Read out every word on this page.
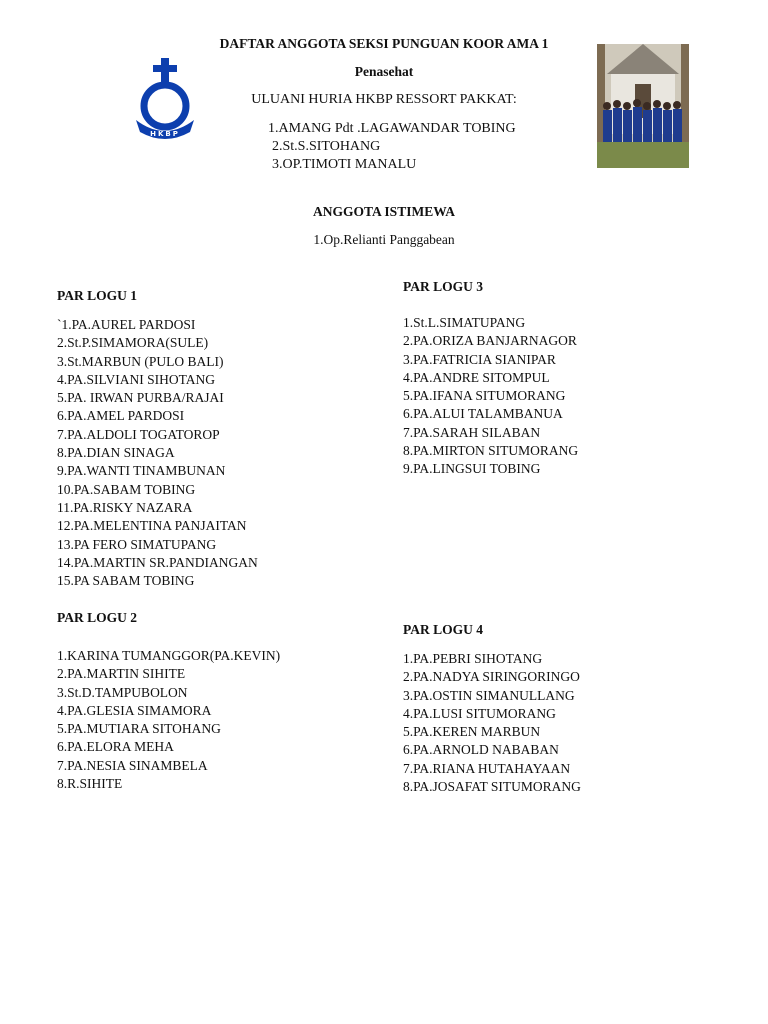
HKBP
DAFTAR ANGGOTA SEKSI PUNGUAN KOOR AMA 1
Penasehat
ULUANI HURIA HKBP RESSORT PAKKAT:
1.AMANG Pdt .LAGAWANDAR TOBING
2.St.S.SITOHANG
3.OP.TIMOTI MANALU
ANGGOTA ISTIMEWA
1.Op.Relianti Panggabean
PAR LOGU 1
`1.PA.AUREL PARDOSI
2.St.P.SIMAMORA(SULE)
3.St.MARBUN (PULO BALI)
4.PA.SILVIANI SIHOTANG
5.PA. IRWAN PURBA/RAJAI
6.PA.AMEL PARDOSI
7.PA.ALDOLI TOGATOROP
8.PA.DIAN SINAGA
9.PA.WANTI TINAMBUNAN
10.PA.SABAM TOBING
11.PA.RISKY NAZARA
12.PA.MELENTINA PANJAITAN
13.PA FERO SIMATUPANG
14.PA.MARTIN SR.PANDIANGAN
15.PA SABAM TOBING
PAR LOGU 2
1.KARINA TUMANGGOR(PA.KEVIN)
2.PA.MARTIN SIHITE
3.St.D.TAMPUBOLON
4.PA.GLESIA SIMAMORA
5.PA.MUTIARA SITOHANG
6.PA.ELORA MEHA
7.PA.NESIA SINAMBELA
8.R.SIHITE
PAR LOGU 3
1.St.L.SIMATUPANG
2.PA.ORIZA BANJARNAGOR
3.PA.FATRICIA SIANIPAR
4.PA.ANDRE SITOMPUL
5.PA.IFANA SITUMORANG
6.PA.ALUI TALAMBANUA
7.PA.SARAH SILABAN
8.PA.MIRTON SITUMORANG
9.PA.LINGSUI TOBING
PAR LOGU 4
1.PA.PEBRI SIHOTANG
2.PA.NADYA SIRINGORINGO
3.PA.OSTIN SIMANULLANG
4.PA.LUSI SITUMORANG
5.PA.KEREN MARBUN
6.PA.ARNOLD NABABAN
7.PA.RIANA HUTAHAYAAN
8.PA.JOSAFAT SITUMORANG
